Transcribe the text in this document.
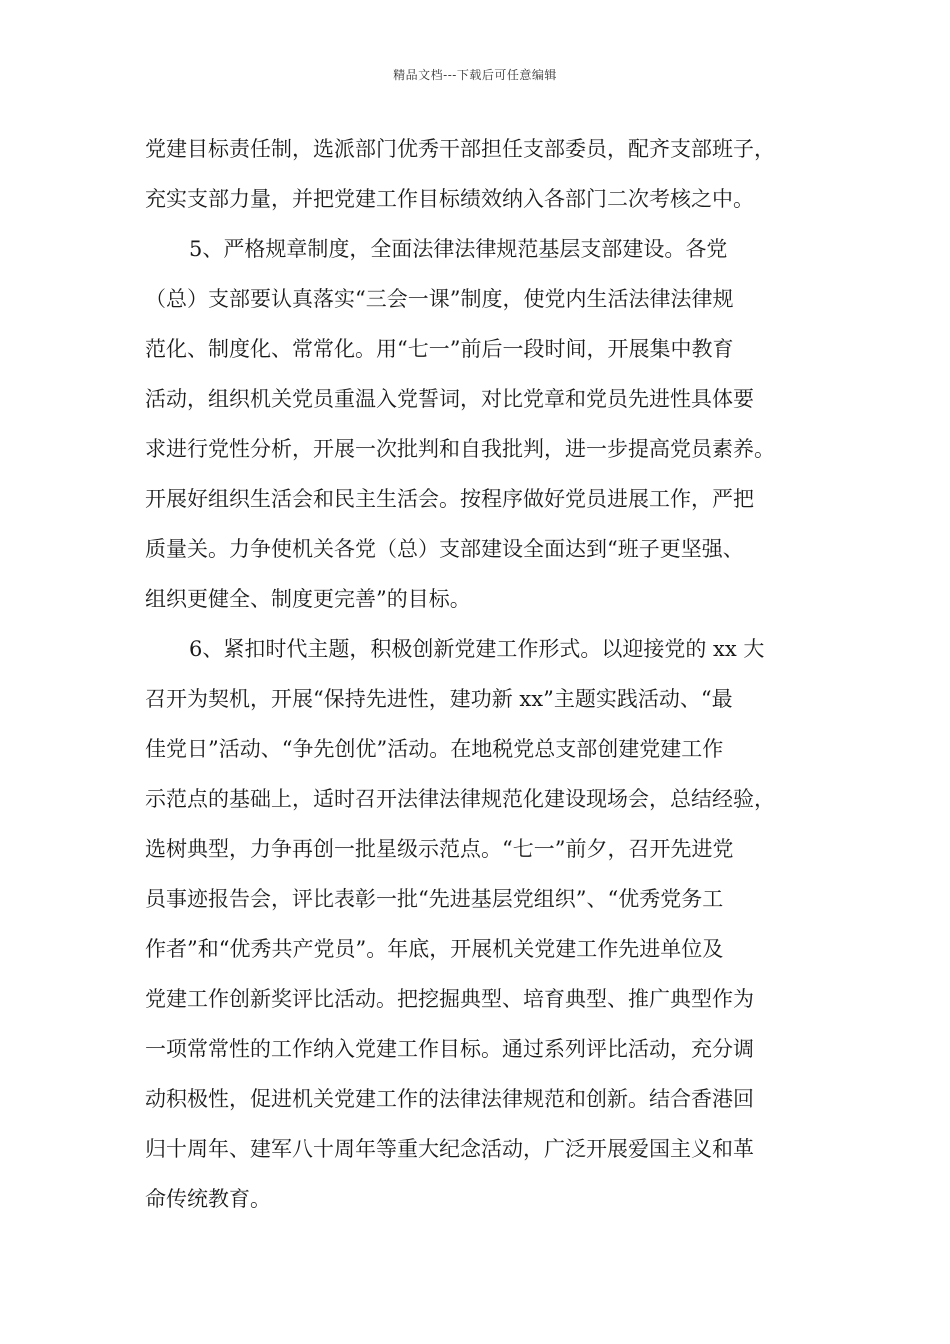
精品文档---下载后可任意编辑
党建目标责任制，选派部门优秀干部担任支部委员，配齐支部班子，
充实支部力量，并把党建工作目标绩效纳入各部门二次考核之中。
5、严格规章制度，全面法律法律规范基层支部建设。各党
（总）支部要认真落实“三会一课”制度，使党内生活法律法律规
范化、制度化、常常化。用“七一”前后一段时间，开展集中教育
活动，组织机关党员重温入党誓词，对比党章和党员先进性具体要
求进行党性分析，开展一次批判和自我批判，进一步提高党员素养。
开展好组织生活会和民主生活会。按程序做好党员进展工作，严把
质量关。力争使机关各党（总）支部建设全面达到“班子更坚强、
组织更健全、制度更完善”的目标。
6、紧扣时代主题，积极创新党建工作形式。以迎接党的 xx 大
召开为契机，开展“保持先进性，建功新 xx”主题实践活动、“最
佳党日”活动、“争先创优”活动。在地税党总支部创建党建工作
示范点的基础上，适时召开法律法律规范化建设现场会，总结经验，
选树典型，力争再创一批星级示范点。“七一”前夕，召开先进党
员事迹报告会，评比表彰一批“先进基层党组织”、“优秀党务工
作者”和“优秀共产党员”。年底，开展机关党建工作先进单位及
党建工作创新奖评比活动。把挖掘典型、培育典型、推广典型作为
一项常常性的工作纳入党建工作目标。通过系列评比活动，充分调
动积极性，促进机关党建工作的法律法律规范和创新。结合香港回
归十周年、建军八十周年等重大纪念活动，广泛开展爱国主义和革
命传统教育。
